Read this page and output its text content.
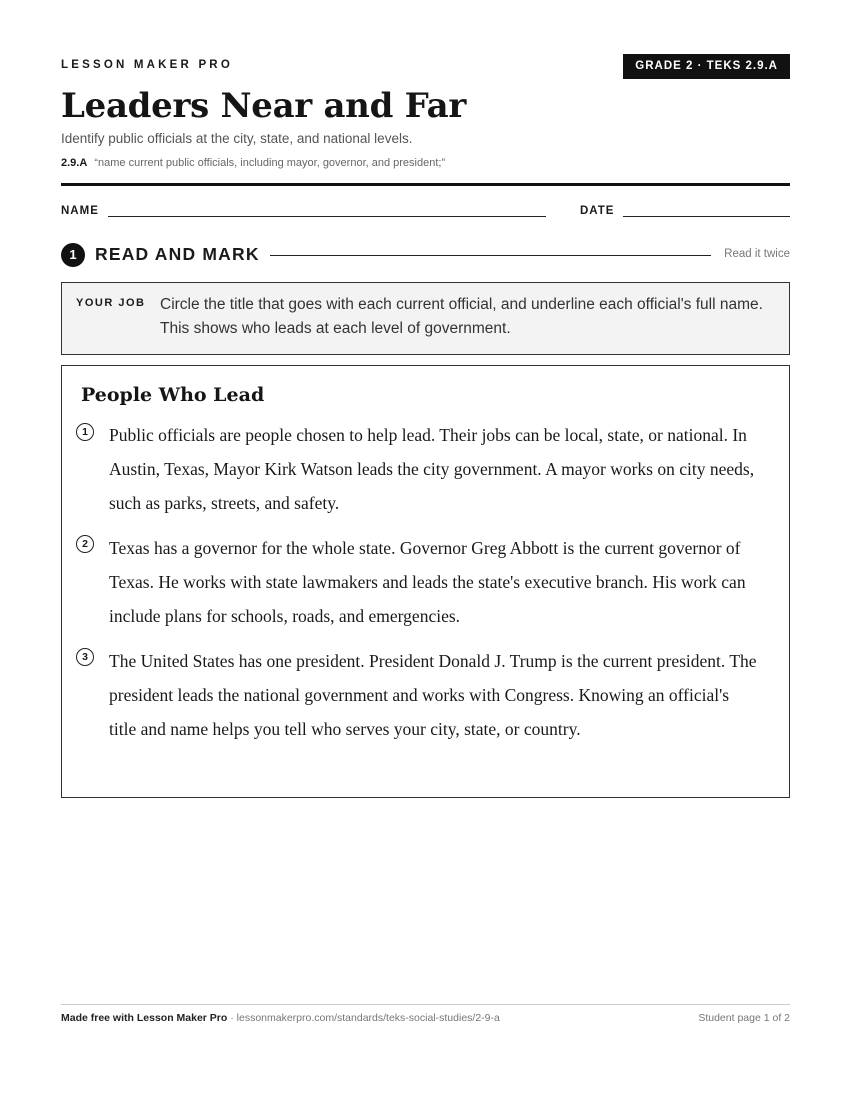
LESSON MAKER PRO	GRADE 2 · TEKS 2.9.A
Leaders Near and Far
Identify public officials at the city, state, and national levels.
2.9.A “name current public officials, including mayor, governor, and president;”
NAME	DATE
1	READ AND MARK	Read it twice
YOUR JOB Circle the title that goes with each current official, and underline each official's full name. This shows who leads at each level of government.
People Who Lead
1	Public officials are people chosen to help lead. Their jobs can be local, state, or national. In Austin, Texas, Mayor Kirk Watson leads the city government. A mayor works on city needs, such as parks, streets, and safety.

2	Texas has a governor for the whole state. Governor Greg Abbott is the current governor of Texas. He works with state lawmakers and leads the state's executive branch. His work can include plans for schools, roads, and emergencies.

3	The United States has one president. President Donald J. Trump is the current president. The president leads the national government and works with Congress. Knowing an official's title and name helps you tell who serves your city, state, or country.

Made free with Lesson Maker Pro · lessonmakerpro.com/standards/teks-social-studies/2-9-a	Student page 1 of 2
